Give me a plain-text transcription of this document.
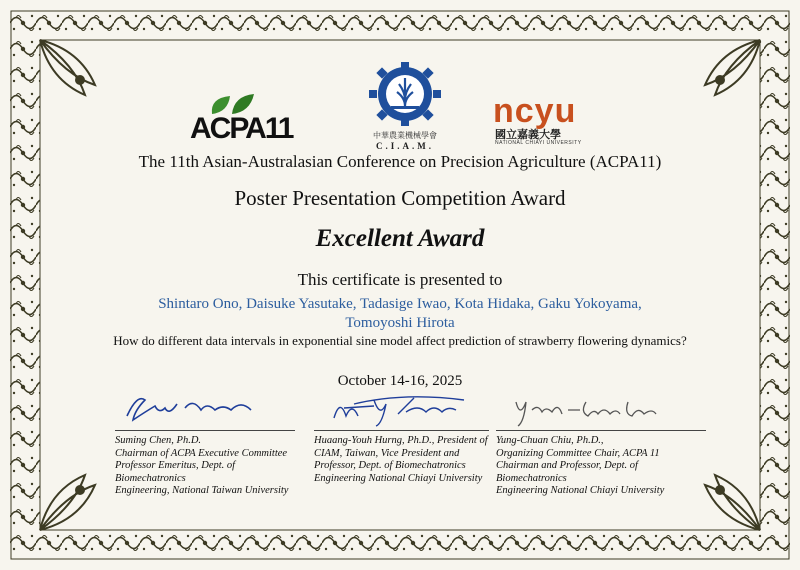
ACPA11	中華農業機械學會
C.I.A.M.
ncyu
國立嘉義大學
NATIONAL CHIAYI UNIVERSITY
The 11th Asian-Australasian Conference on Precision Agriculture (ACPA11)
Poster Presentation Competition Award
Excellent Award
This certificate is presented to
Shintaro Ono, Daisuke Yasutake, Tadasige Iwao, Kota Hidaka, Gaku Yokoyama,
Tomoyoshi Hirota
How do different data intervals in exponential sine model affect prediction of strawberry flowering dynamics?
October 14-16, 2025
Suming Chen, Ph.D.
Chairman of ACPA Executive Committee
Professor Emeritus, Dept. of Biomechatronics
Engineering, National Taiwan University
Huaang-Youh Hurng, Ph.D., President of
CIAM, Taiwan, Vice President and
Professor, Dept. of Biomechatronics
Engineering National Chiayi University
Yung-Chuan Chiu, Ph.D.,
Organizing Committee Chair, ACPA 11
Chairman and Professor, Dept. of Biomechatronics
Engineering National Chiayi University
